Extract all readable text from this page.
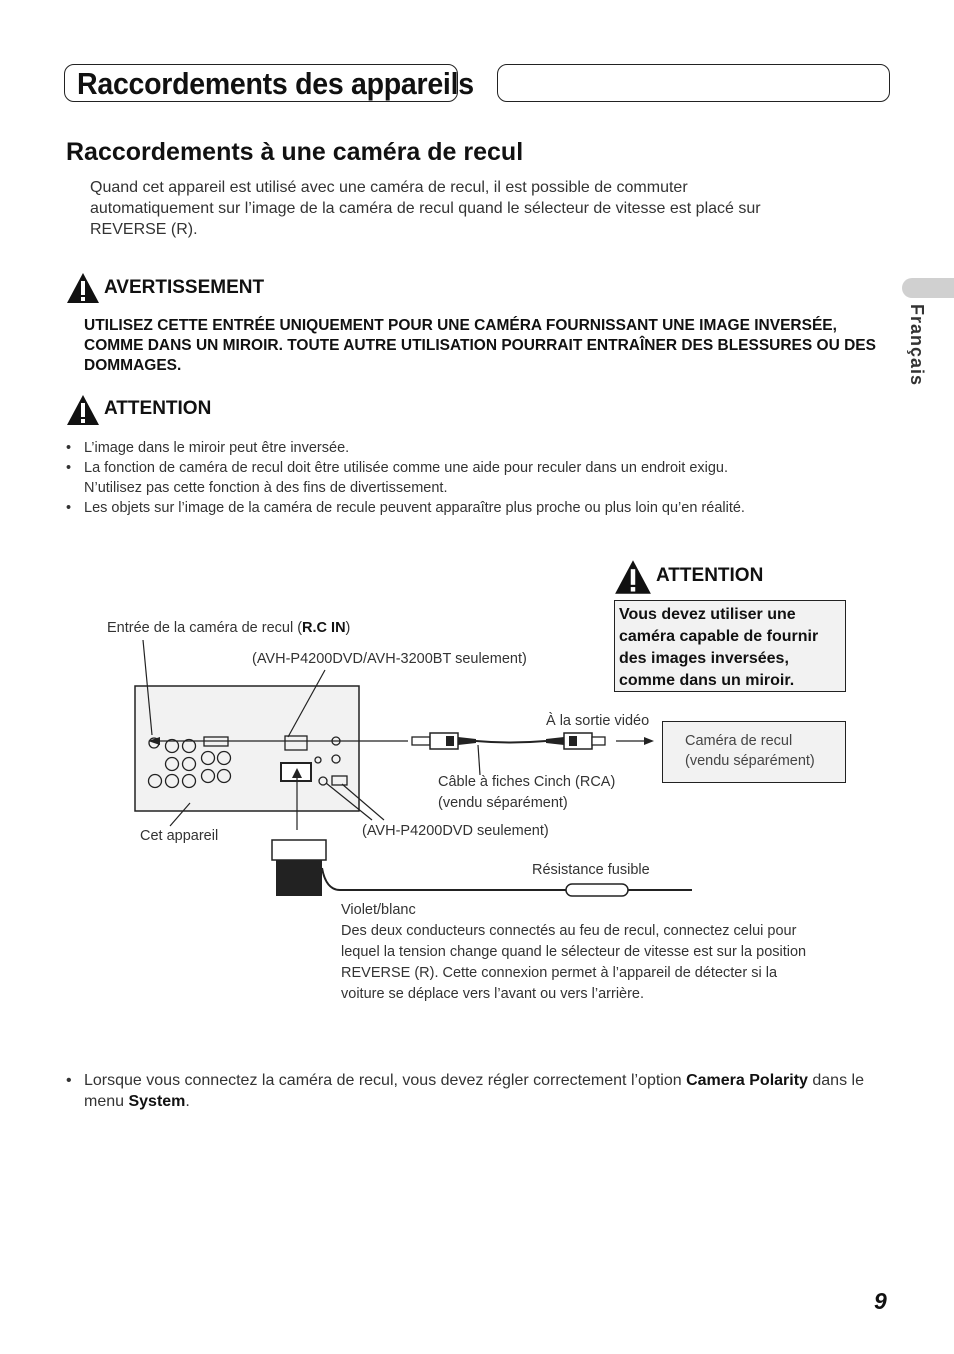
Raccordements des appareils
Raccordements à une caméra de recul
Quand cet appareil est utilisé avec une caméra de recul, il est possible de commuter automatiquement sur l’image de la caméra de recul quand le sélecteur de vitesse est placé sur REVERSE (R).
AVERTISSEMENT
UTILISEZ CETTE ENTRÉE UNIQUEMENT POUR UNE CAMÉRA FOURNISSANT UNE IMAGE INVERSÉE, COMME DANS UN MIROIR. TOUTE AUTRE UTILISATION POURRAIT ENTRAÎNER DES BLESSURES OU DES DOMMAGES.
ATTENTION
• L’image dans le miroir peut être inversée.
• La fonction de caméra de recul doit être utilisée comme une aide pour reculer dans un endroit exigu. N’utilisez pas cette fonction à des fins de divertissement.
• Les objets sur l’image de la caméra de recule peuvent apparaître plus proche ou plus loin qu’en réalité.
ATTENTION
Vous devez utiliser une caméra capable de fournir des images inversées, comme dans un miroir.
Entrée de la caméra de recul (R.C IN)
(AVH-P4200DVD/AVH-3200BT seulement)
À la sortie vidéo
Caméra de recul
(vendu séparément)
Câble à fiches Cinch (RCA)
(vendu séparément)
Cet appareil	(AVH-P4200DVD seulement)
Résistance fusible
Violet/blanc
Des deux conducteurs connectés au feu de recul, connectez celui pour lequel la tension change quand le sélecteur de vitesse est sur la position REVERSE (R). Cette connexion permet à l’appareil de détecter si la voiture se déplace vers l’avant ou vers l’arrière.
• Lorsque vous connectez la caméra de recul, vous devez régler correctement l’option Camera Polarity dans le menu System.
Français
9
